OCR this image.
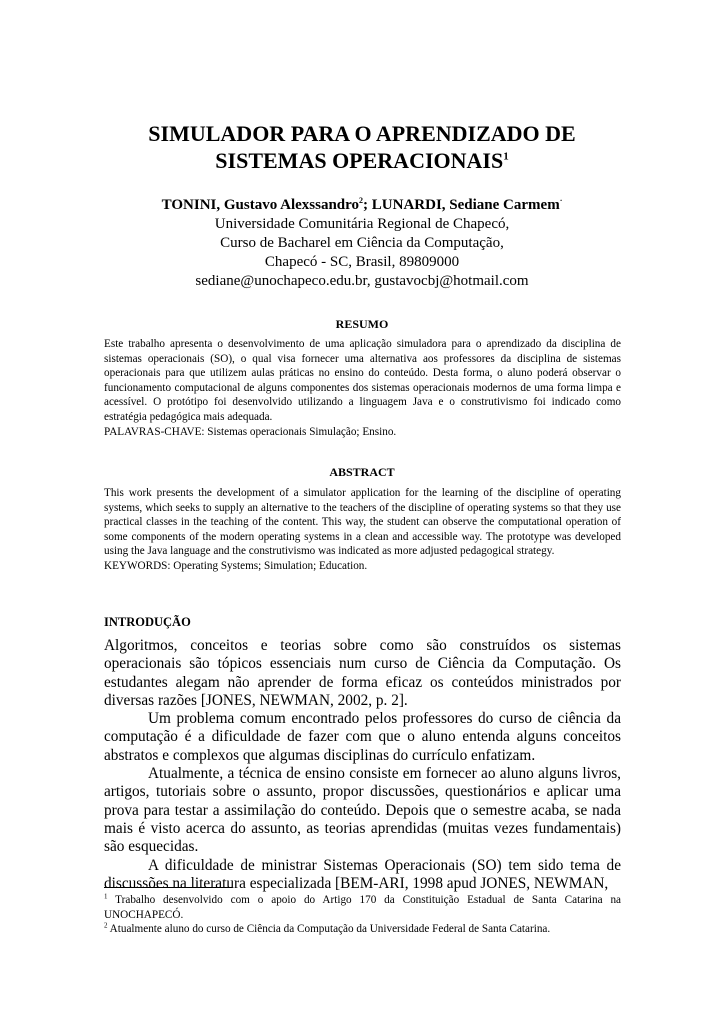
SIMULADOR PARA O APRENDIZADO DE
SISTEMAS OPERACIONAIS$^1$
TONINI, Gustavo Alexssandro$^2$; LUNARDI, Sediane Carmem·
Universidade Comunitária Regional de Chapecó,
Curso de Bacharel em Ciência da Computação,
Chapecó - SC, Brasil, 89809000
sediane@unochapeco.edu.br, gustavocbj@hotmail.com
RESUMO

Este trabalho apresenta o desenvolvimento de uma aplicação simuladora para o aprendizado da disciplina de sistemas operacionais (SO), o qual visa fornecer uma alternativa aos professores da disciplina de sistemas operacionais para que utilizem aulas práticas no ensino do conteúdo. Desta forma, o aluno poderá observar o funcionamento computacional de alguns componentes dos sistemas operacionais modernos de uma forma limpa e acessível. O protótipo foi desenvolvido utilizando a linguagem Java e o construtivismo foi indicado como estratégia pedagógica mais adequada.

PALAVRAS-CHAVE: Sistemas operacionais Simulação; Ensino.

ABSTRACT

This work presents the development of a simulator application for the learning of the discipline of operating systems, which seeks to supply an alternative to the teachers of the discipline of operating systems so that they use practical classes in the teaching of the content. This way, the student can observe the computational operation of some components of the modern operating systems in a clean and accessible way. The prototype was developed using the Java language and the construtivismo was indicated as more adjusted pedagogical strategy.

KEYWORDS: Operating Systems; Simulation; Education.

INTRODUÇÃO

Algoritmos, conceitos e teorias sobre como são construídos os sistemas operacionais são tópicos essenciais num curso de Ciência da Computação. Os estudantes alegam não aprender de forma eficaz os conteúdos ministrados por diversas razões [JONES, NEWMAN, 2002, p. 2].

Um problema comum encontrado pelos professores do curso de ciência da computação é a dificuldade de fazer com que o aluno entenda alguns conceitos abstratos e complexos que algumas disciplinas do currículo enfatizam.

Atualmente, a técnica de ensino consiste em fornecer ao aluno alguns livros, artigos, tutoriais sobre o assunto, propor discussões, questionários e aplicar uma prova para testar a assimilação do conteúdo. Depois que o semestre acaba, se nada mais é visto acerca do assunto, as teorias aprendidas (muitas vezes fundamentais) são esquecidas.

A dificuldade de ministrar Sistemas Operacionais (SO) tem sido tema de discussões na literatura especializada [BEM-ARI, 1998 apud JONES, NEWMAN,

$^1$ Trabalho desenvolvido com o apoio do Artigo 170 da Constituição Estadual de Santa Catarina na UNOCHAPECÓ.

$^2$ Atualmente aluno do curso de Ciência da Computação da Universidade Federal de Santa Catarina.
